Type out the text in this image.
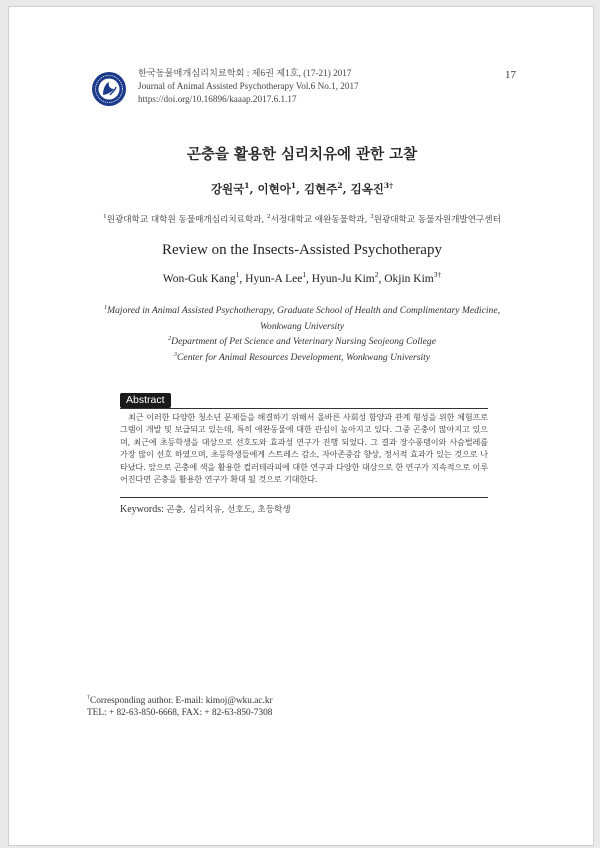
한국동물매개심리치료학회 : 제6권 제1호, (17-21) 2017
Journal of Animal Assisted Psychotherapy Vol.6 No.1, 2017
https://doi.org/10.16896/kaaap.2017.6.1.17
17
곤충을 활용한 심리치유에 관한 고찰
강원국$^1$, 이현아$^1$, 김현주$^2$, 김옥진$^{3\dagger}$
$^1$원광대학교 대학원 동물매개심리치료학과, $^2$서정대학교 애완동물학과, $^3$원광대학교 동물자원개발연구센터
Review on the Insects-Assisted Psychotherapy
Won-Guk Kang$^1$, Hyun-A Lee$^1$, Hyun-Ju Kim$^2$, Okjin Kim$^{3\dagger}$
$^1$Majored in Animal Assisted Psychotherapy, Graduate School of Health and Complimentary Medicine,
Wonkwang University
$^2$Department of Pet Science and Veterinary Nursing Seojeong College
$^3$Center for Animal Resources Development, Wonkwang University
Abstract
최근 이러한 다양한 청소년 문제들을 해결하기 위해서 올바른 사회성 함양과 관계 형성을 위한 체험프로그램이 개발 및 보급되고 있는데, 특히 애완동물에 대한 관심이 높아지고 있다. 그중 곤충이 많아지고 있으며, 최근에 초등학생을 대상으로 선호도와 효과성 연구가 진행 되었다. 그 결과 장수풍뎅이와 사슴벌레를 가장 많이 선호 하였으며, 초등학생들에게 스트레스 감소, 자아존중감 향상, 정서적 효과가 있는 것으로 나타났다. 앞으로 곤충에 색을 활용한 컬러테라피에 대한 연구과 다양한 대상으로 한 연구가 지속적으로 이루어진다면 곤충을 활용한 연구가 확대 될 것으로 기대한다.
Keywords: 곤충, 심리치유, 선호도, 초등학생
†Corresponding author. E-mail: kimoj@wku.ac.kr
TEL: + 82-63-850-6668, FAX: + 82-63-850-7308
